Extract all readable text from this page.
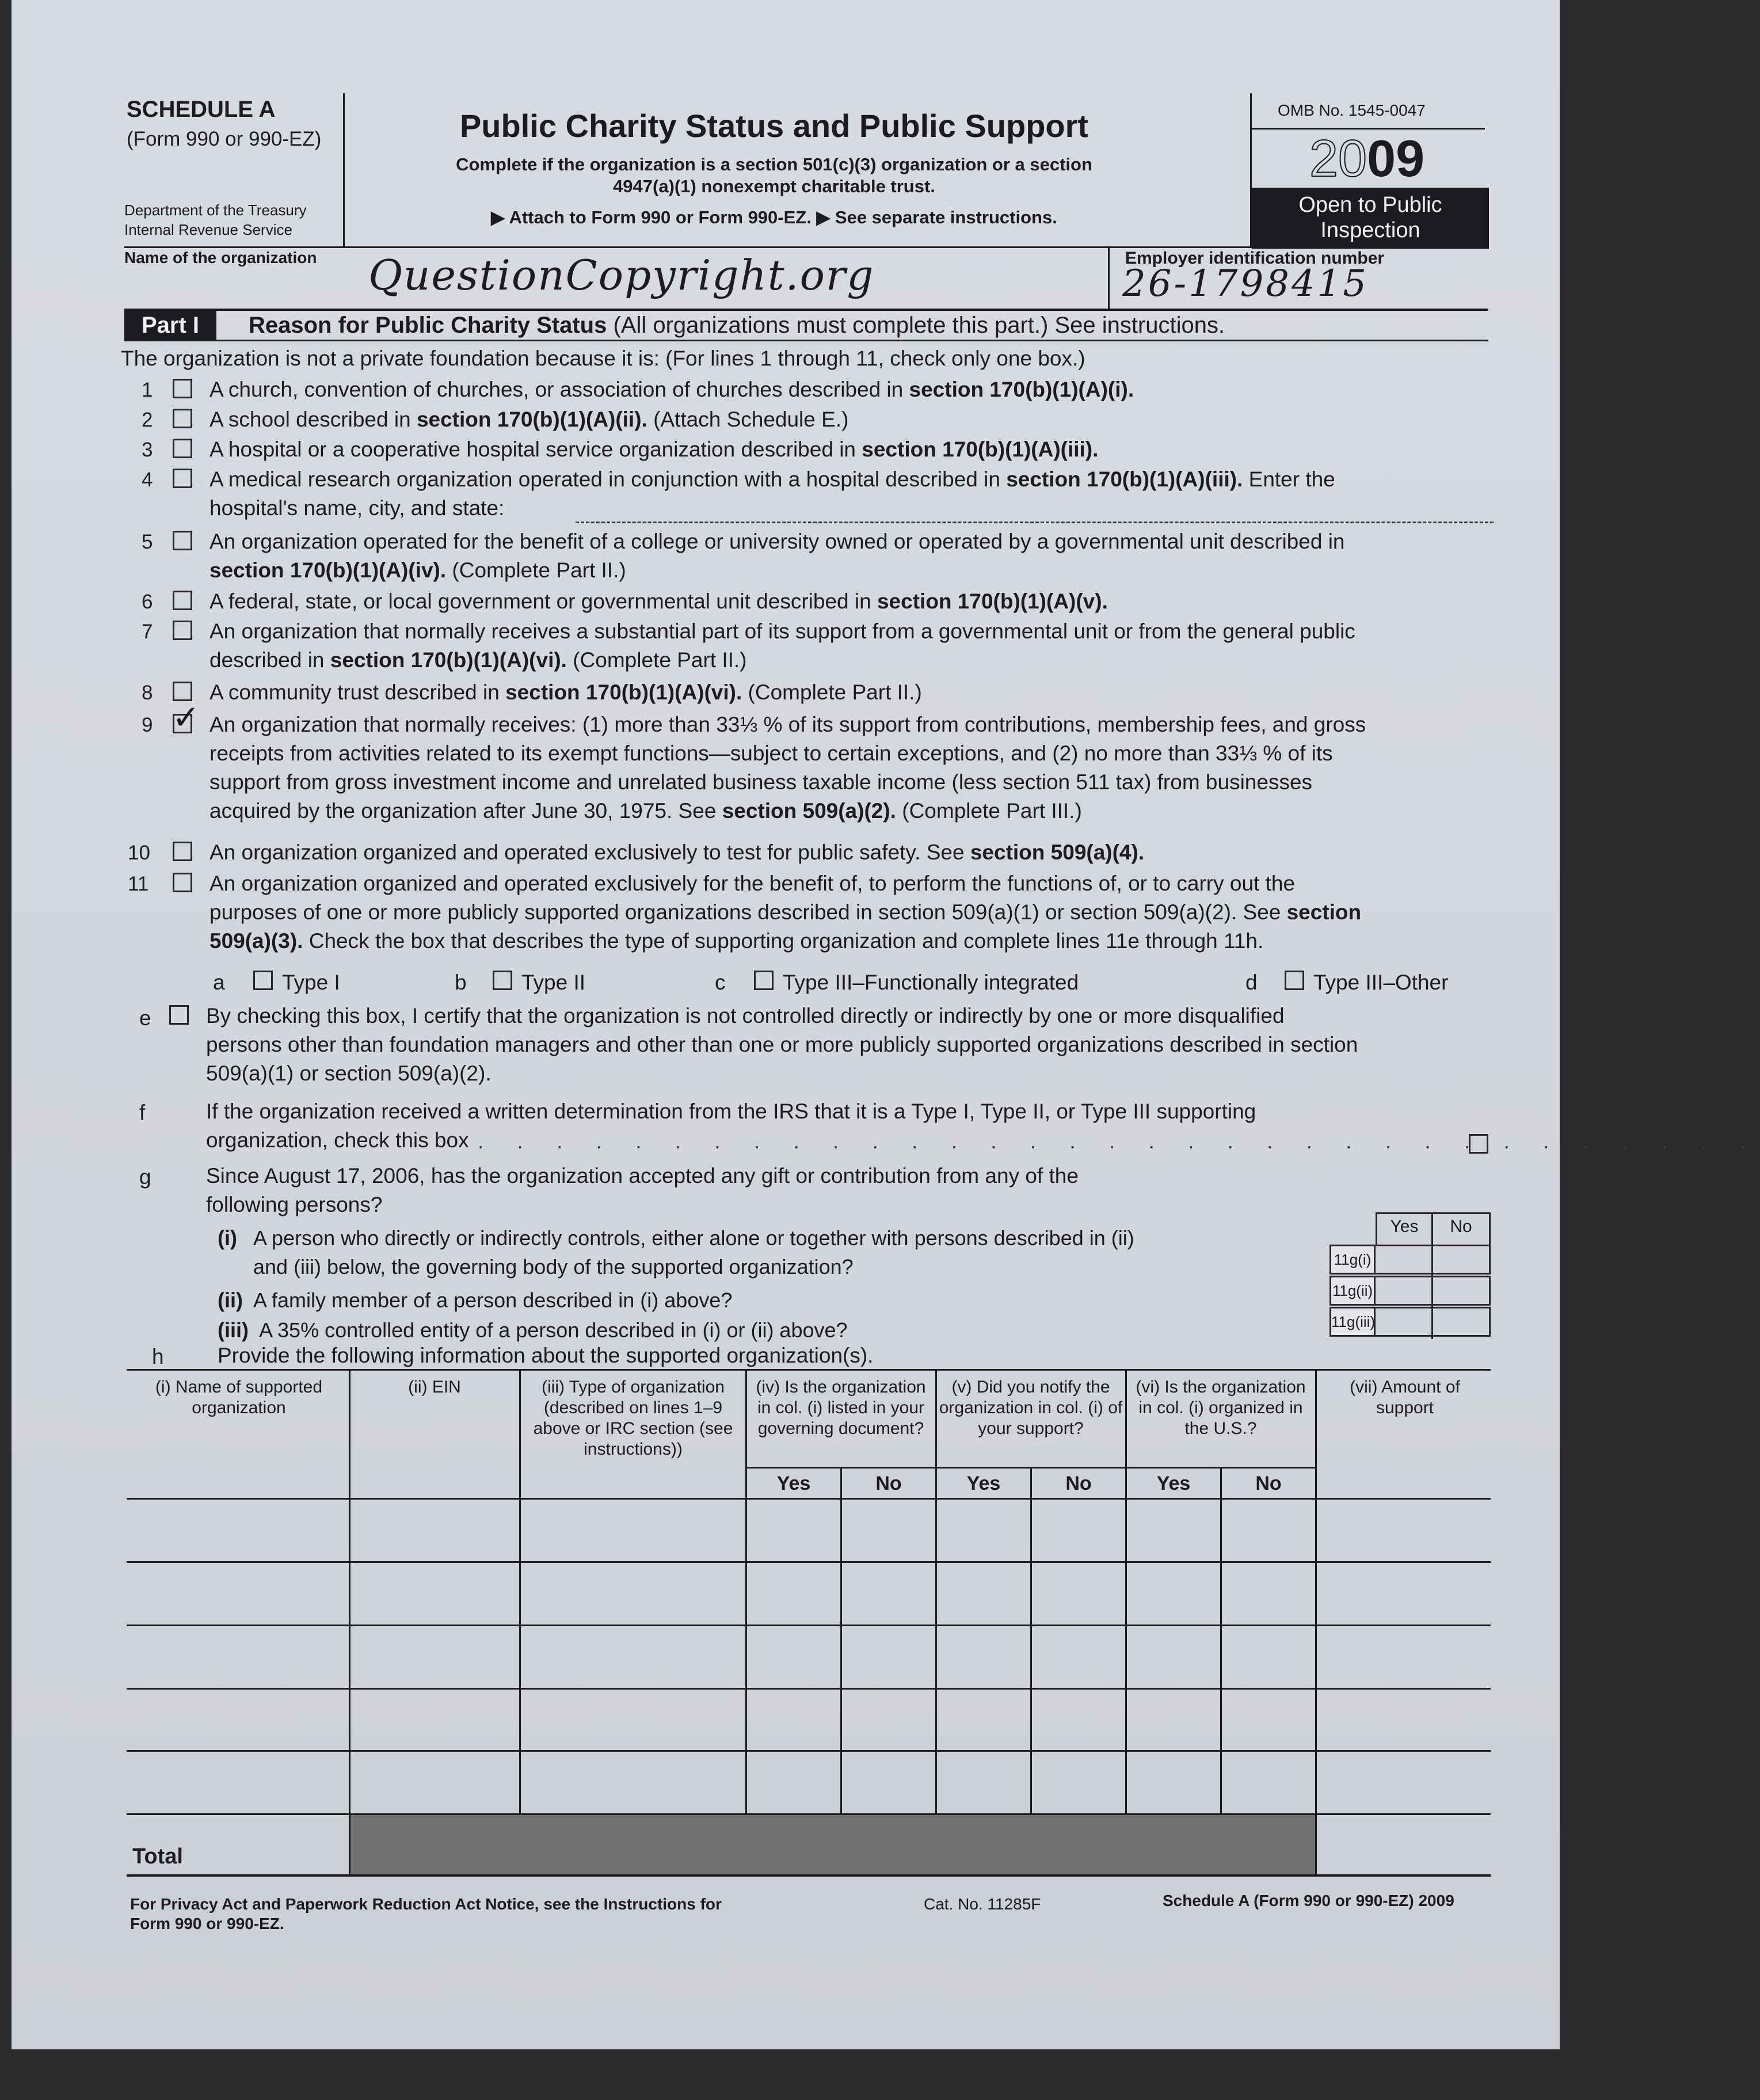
SCHEDULE A
(Form 990 or 990-EZ)
Department of the Treasury
Internal Revenue Service
Public Charity Status and Public Support
Complete if the organization is a section 501(c)(3) organization or a section
4947(a)(1) nonexempt charitable trust.
▶ Attach to Form 990 or Form 990-EZ. ▶ See separate instructions.
OMB No. 1545-0047
2009
Open to Public
Inspection
Name of the organization QuestionCopyright.org	Employer identification number
26-1798415
Part I	Reason for Public Charity Status (All organizations must complete this part.) See instructions.
The organization is not a private foundation because it is: (For lines 1 through 11, check only one box.)
e
f
. . . . . . . . . . . . . . . . . . . . . . . . . . . . . . . . .
g
Yes	No
h	Provide the following information about the supported organization(s).
(i) Name of supported organization
(ii) EIN	(iii) Type of organization (described on lines 1–9 above or IRC section (see instructions))
(iv) Is the organization in col. (i) listed in your governing document?
(v) Did you notify the organization in col. (i) of your support?
(vi) Is the organization in col. (i) organized in the U.S.?
(vii) Amount of support
Yes	No	Yes	No	Yes	No
Total
For Privacy Act and Paperwork Reduction Act Notice, see the Instructions for
Form 990 or 990-EZ.
Cat. No. 11285F	Schedule A (Form 990 or 990-EZ) 2009
1	A church, convention of churches, or association of churches described in section 170(b)(1)(A)(i).
2	A school described in section 170(b)(1)(A)(ii). (Attach Schedule E.)
3	A hospital or a cooperative hospital service organization described in section 170(b)(1)(A)(iii).
4	A medical research organization operated in conjunction with a hospital described in section 170(b)(1)(A)(iii). Enter the
hospital's name, city, and state:
5	An organization operated for the benefit of a college or university owned or operated by a governmental unit described in
section 170(b)(1)(A)(iv). (Complete Part II.)
6	A federal, state, or local government or governmental unit described in section 170(b)(1)(A)(v).
7	An organization that normally receives a substantial part of its support from a governmental unit or from the general public
described in section 170(b)(1)(A)(vi). (Complete Part II.)
8	A community trust described in section 170(b)(1)(A)(vi). (Complete Part II.)
9 ✓ An organization that normally receives: (1) more than 33⅓ % of its support from contributions, membership fees, and gross
receipts from activities related to its exempt functions—subject to certain exceptions, and (2) no more than 33⅓ % of its
support from gross investment income and unrelated business taxable income (less section 511 tax) from businesses
acquired by the organization after June 30, 1975. See section 509(a)(2). (Complete Part III.)
10	An organization organized and operated exclusively to test for public safety. See section 509(a)(4).
11	An organization organized and operated exclusively for the benefit of, to perform the functions of, or to carry out the
purposes of one or more publicly supported organizations described in section 509(a)(1) or section 509(a)(2). See section
509(a)(3). Check the box that describes the type of supporting organization and complete lines 11e through 11h.
a	Type I	b	Type II	c	Type III–Functionally integrated	d	Type III–Other
By checking this box, I certify that the organization is not controlled directly or indirectly by one or more disqualified
persons other than foundation managers and other than one or more publicly supported organizations described in section
509(a)(1) or section 509(a)(2).
If the organization received a written determination from the IRS that it is a Type I, Type II, or Type III supporting
organization, check this box
Since August 17, 2006, has the organization accepted any gift or contribution from any of the
following persons?
(i) A person who directly or indirectly controls, either alone or together with persons described in (ii)
and (iii) below, the governing body of the supported organization?	11g(i)
(ii) A family member of a person described in (i) above?	11g(ii)
(iii) A 35% controlled entity of a person described in (i) or (ii) above?	11g(iii)
